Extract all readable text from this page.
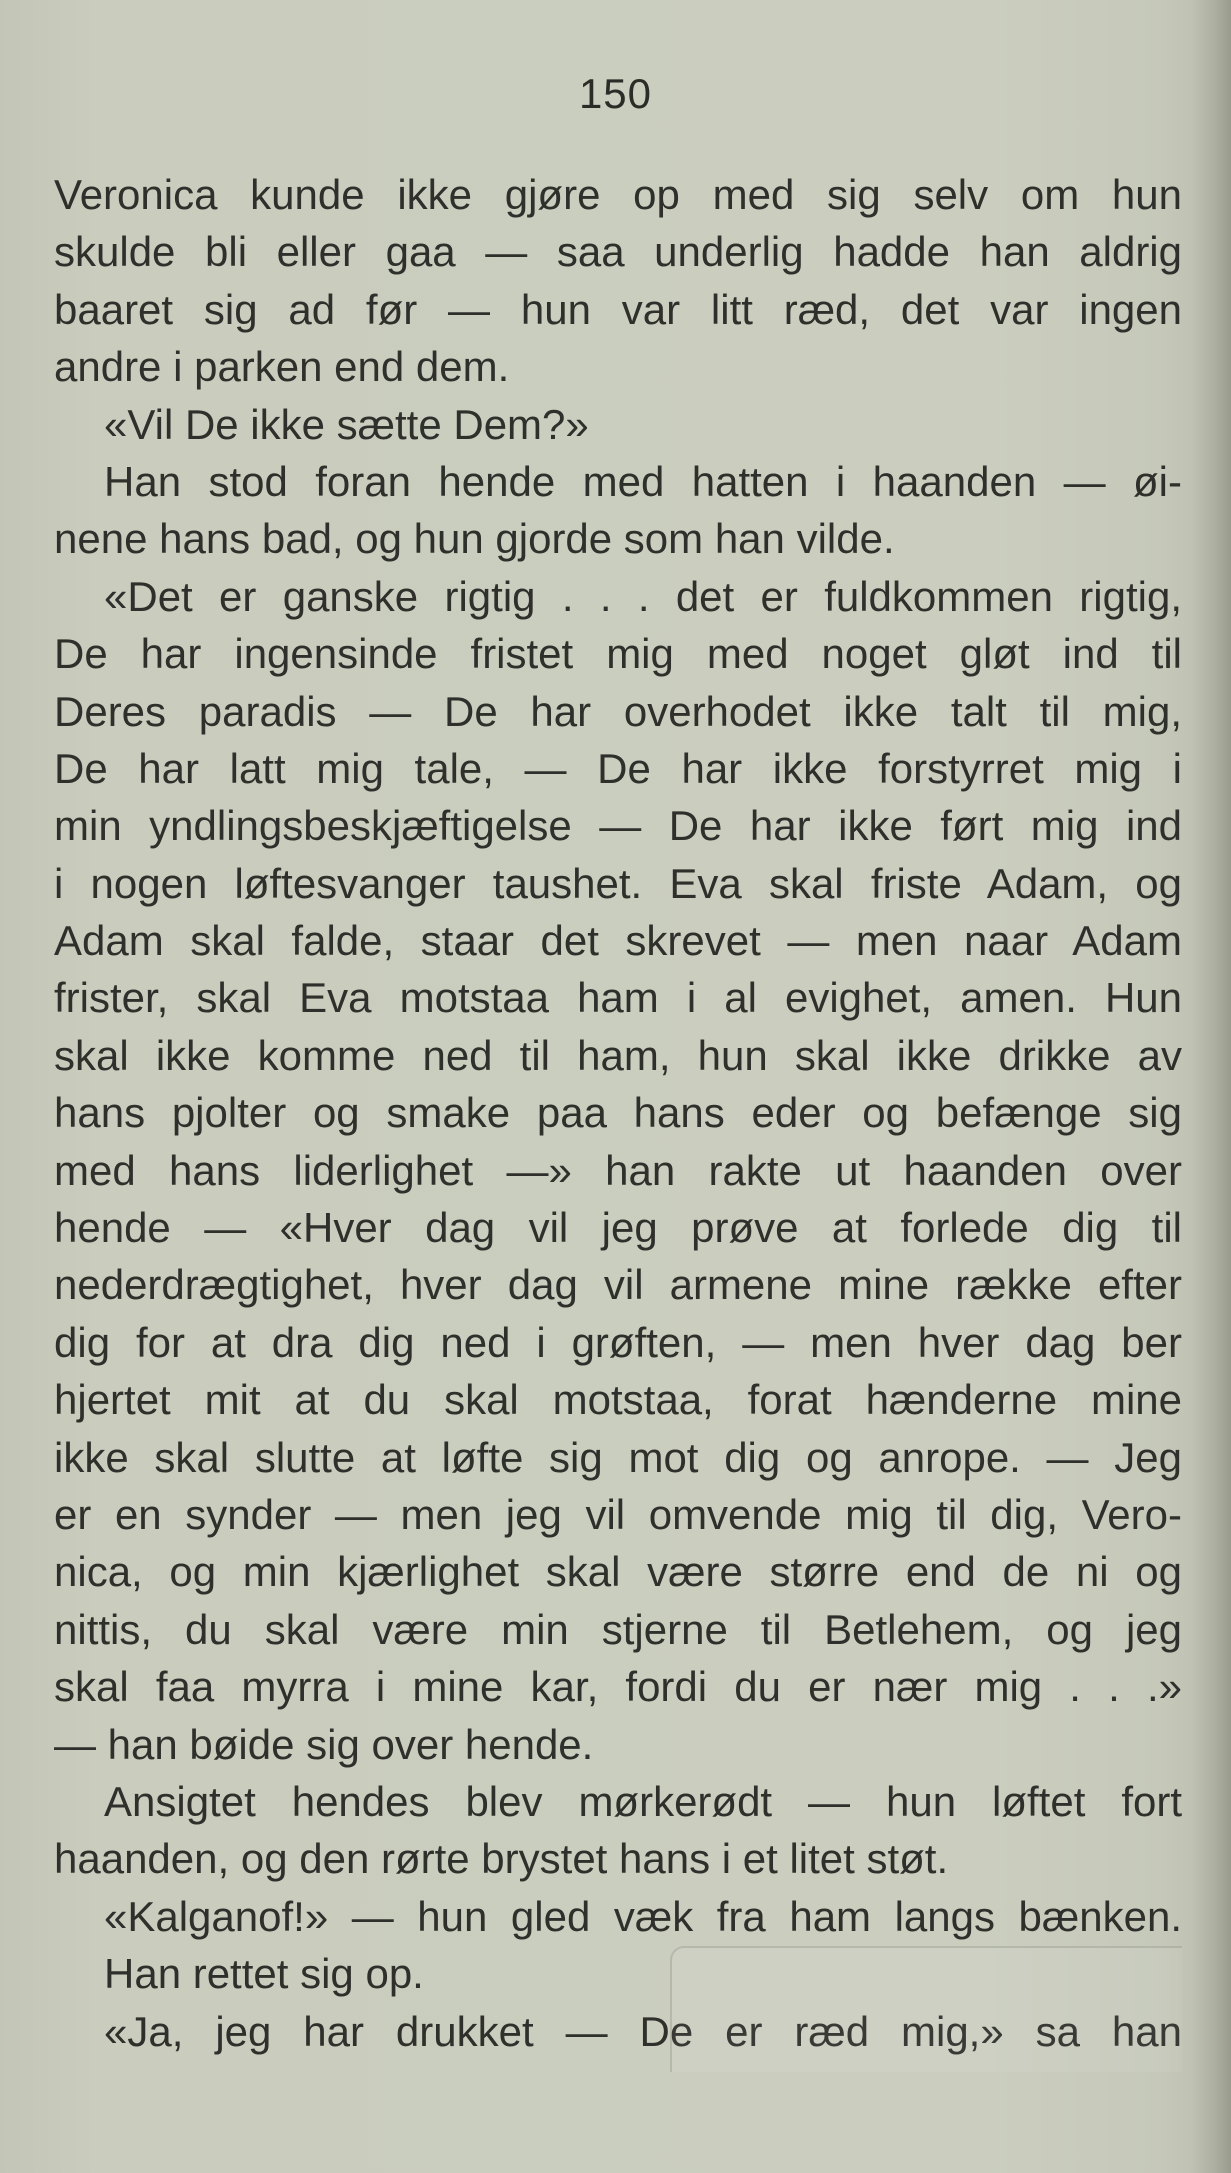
150
Veronica kunde ikke gjøre op med sig selv om hun
skulde bli eller gaa — saa underlig hadde han aldrig
baaret sig ad før — hun var litt ræd, det var ingen
andre i parken end dem.
«Vil De ikke sætte Dem?»
Han stod foran hende med hatten i haanden — øi-
nene hans bad, og hun gjorde som han vilde.
«Det er ganske rigtig . . . det er fuldkommen rigtig,
De har ingensinde fristet mig med noget gløt ind til
Deres paradis — De har overhodet ikke talt til mig,
De har latt mig tale, — De har ikke forstyrret mig i
min yndlingsbeskjæftigelse — De har ikke ført mig ind
i nogen løftesvanger taushet. Eva skal friste Adam, og
Adam skal falde, staar det skrevet — men naar Adam
frister, skal Eva motstaa ham i al evighet, amen. Hun
skal ikke komme ned til ham, hun skal ikke drikke av
hans pjolter og smake paa hans eder og befænge sig
med hans liderlighet —» han rakte ut haanden over
hende — «Hver dag vil jeg prøve at forlede dig til
nederdrægtighet, hver dag vil armene mine række efter
dig for at dra dig ned i grøften, — men hver dag ber
hjertet mit at du skal motstaa, forat hænderne mine
ikke skal slutte at løfte sig mot dig og anrope. — Jeg
er en synder — men jeg vil omvende mig til dig, Vero-
nica, og min kjærlighet skal være større end de ni og
nittis, du skal være min stjerne til Betlehem, og jeg
skal faa myrra i mine kar, fordi du er nær mig . . .»
— han bøide sig over hende.
Ansigtet hendes blev mørkerødt — hun løftet fort
haanden, og den rørte brystet hans i et litet støt.
«Kalganof!» — hun gled væk fra ham langs bænken.
Han rettet sig op.
«Ja, jeg har drukket — De er ræd mig,» sa han
